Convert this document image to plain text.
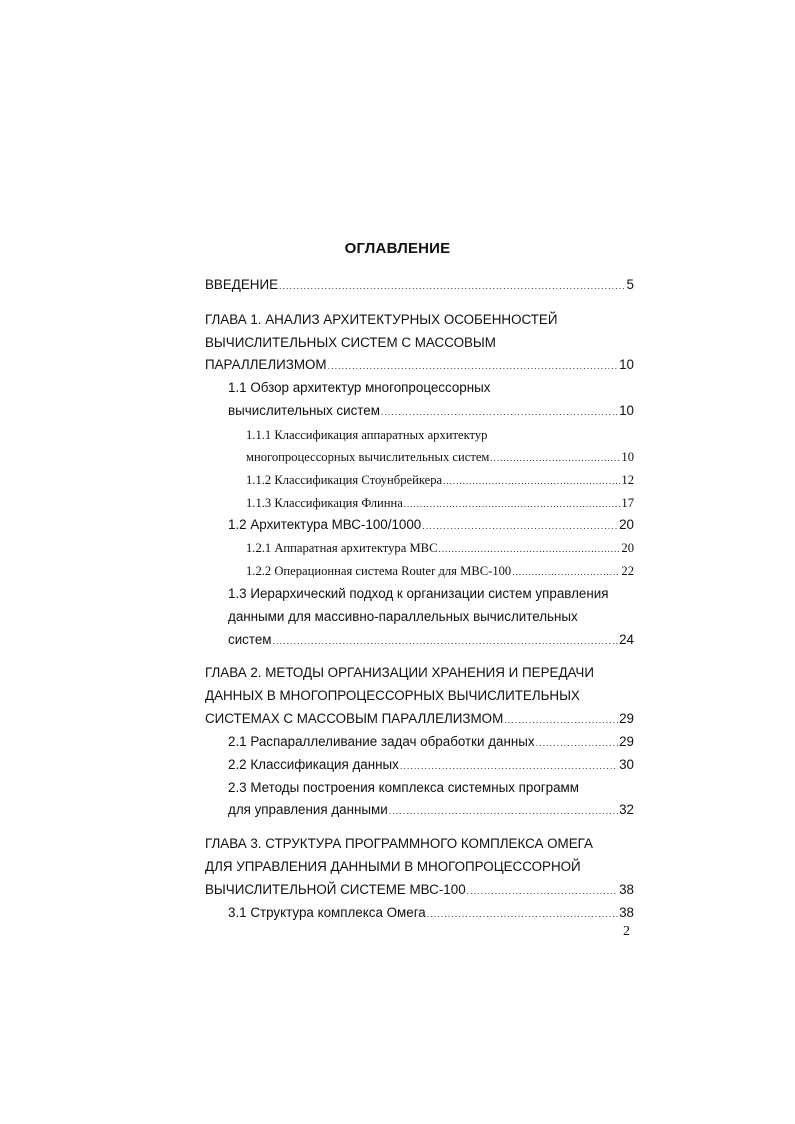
ОГЛАВЛЕНИЕ
ВВЕДЕНИЕ .....	5
ГЛАВА 1. АНАЛИЗ АРХИТЕКТУРНЫХ ОСОБЕННОСТЕЙ
ВЫЧИСЛИТЕЛЬНЫХ СИСТЕМ С МАССОВЫМ
ПАРАЛЛЕЛИЗМОМ .....	10
1.1 Обзор архитектур многопроцессорных
вычислительных систем .....	10
1.1.1 Классификация аппаратных архитектур
многопроцессорных вычислительных систем .....	10
1.1.2 Классификация Стоунбрейкера .....	12
1.1.3 Классификация Флинна .....	17
1.2 Архитектура МВС-100/1000 .....	20
1.2.1 Аппаратная архитектура МВС .....	20
1.2.2 Операционная система Router для МВС-100 .....	22
1.3 Иерархический подход к организации систем управления
данными для массивно-параллельных вычислительных
систем .....	24
ГЛАВА 2. МЕТОДЫ ОРГАНИЗАЦИИ ХРАНЕНИЯ И ПЕРЕДАЧИ
ДАННЫХ В МНОГОПРОЦЕССОРНЫХ ВЫЧИСЛИТЕЛЬНЫХ
СИСТЕМАХ С МАССОВЫМ ПАРАЛЛЕЛИЗМОМ .....	29
2.1 Распараллеливание задач обработки данных .....	29
2.2 Классификация данных .....	30
2.3 Методы построения комплекса системных программ
для управления данными .....	32
ГЛАВА 3. СТРУКТУРА ПРОГРАММНОГО КОМПЛЕКСА ОМЕГА
ДЛЯ УПРАВЛЕНИЯ ДАННЫМИ В МНОГОПРОЦЕССОРНОЙ
ВЫЧИСЛИТЕЛЬНОЙ СИСТЕМЕ МВС-100 .....	38
3.1 Структура комплекса Омега .....	38
2
